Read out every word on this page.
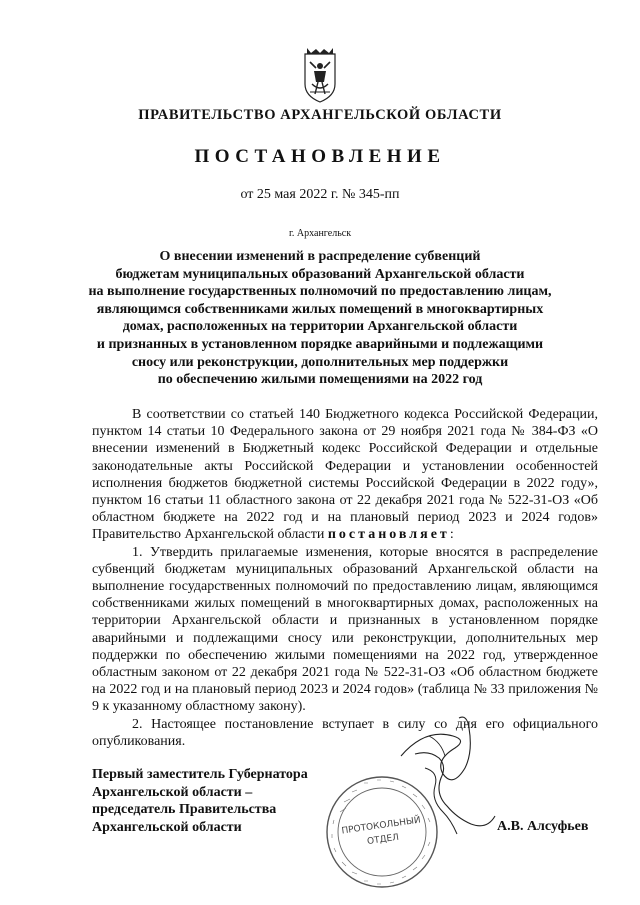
ПРАВИТЕЛЬСТВО АРХАНГЕЛЬСКОЙ ОБЛАСТИ
ПОСТАНОВЛЕНИЕ
от 25 мая 2022 г. № 345-пп
г. Архангельск
О внесении изменений в распределение субвенций
бюджетам муниципальных образований Архангельской области
на выполнение государственных полномочий по предоставлению лицам,
являющимся собственниками жилых помещений в многоквартирных
домах, расположенных на территории Архангельской области
и признанных в установленном порядке аварийными и подлежащими
сносу или реконструкции, дополнительных мер поддержки
по обеспечению жилыми помещениями на 2022 год

В соответствии со статьей 140 Бюджетного кодекса Российской Федерации, пунктом 14 статьи 10 Федерального закона от 29 ноября 2021 года № 384-ФЗ «О внесении изменений в Бюджетный кодекс Российской Федерации и отдельные законодательные акты Российской Федерации и установлении особенностей исполнения бюджетов бюджетной системы Российской Федерации в 2022 году», пунктом 16 статьи 11 областного закона от 22 декабря 2021 года № 522-31-ОЗ «Об областном бюджете на 2022 год и на плановый период 2023 и 2024 годов» Правительство Архангельской области постановляет:

1. Утвердить прилагаемые изменения, которые вносятся в распределение субвенций бюджетам муниципальных образований Архангельской области на выполнение государственных полномочий по предоставлению лицам, являющимся собственниками жилых помещений в многоквартирных домах, расположенных на территории Архангельской области и признанных в установленном порядке аварийными и подлежащими сносу или реконструкции, дополнительных мер поддержки по обеспечению жилыми помещениями на 2022 год, утвержденное областным законом от 22 декабря 2021 года № 522-31-ОЗ «Об областном бюджете на 2022 год и на плановый период 2023 и 2024 годов» (таблица № 33 приложения № 9 к указанному областному закону).

2. Настоящее постановление вступает в силу со дня его официального опубликования.

Первый заместитель Губернатора
Архангельской области –
председатель Правительства
Архангельской области	А.В. Алсуфьев
ПРОТОКОЛЬНЫЙ
ОТДЕЛ
